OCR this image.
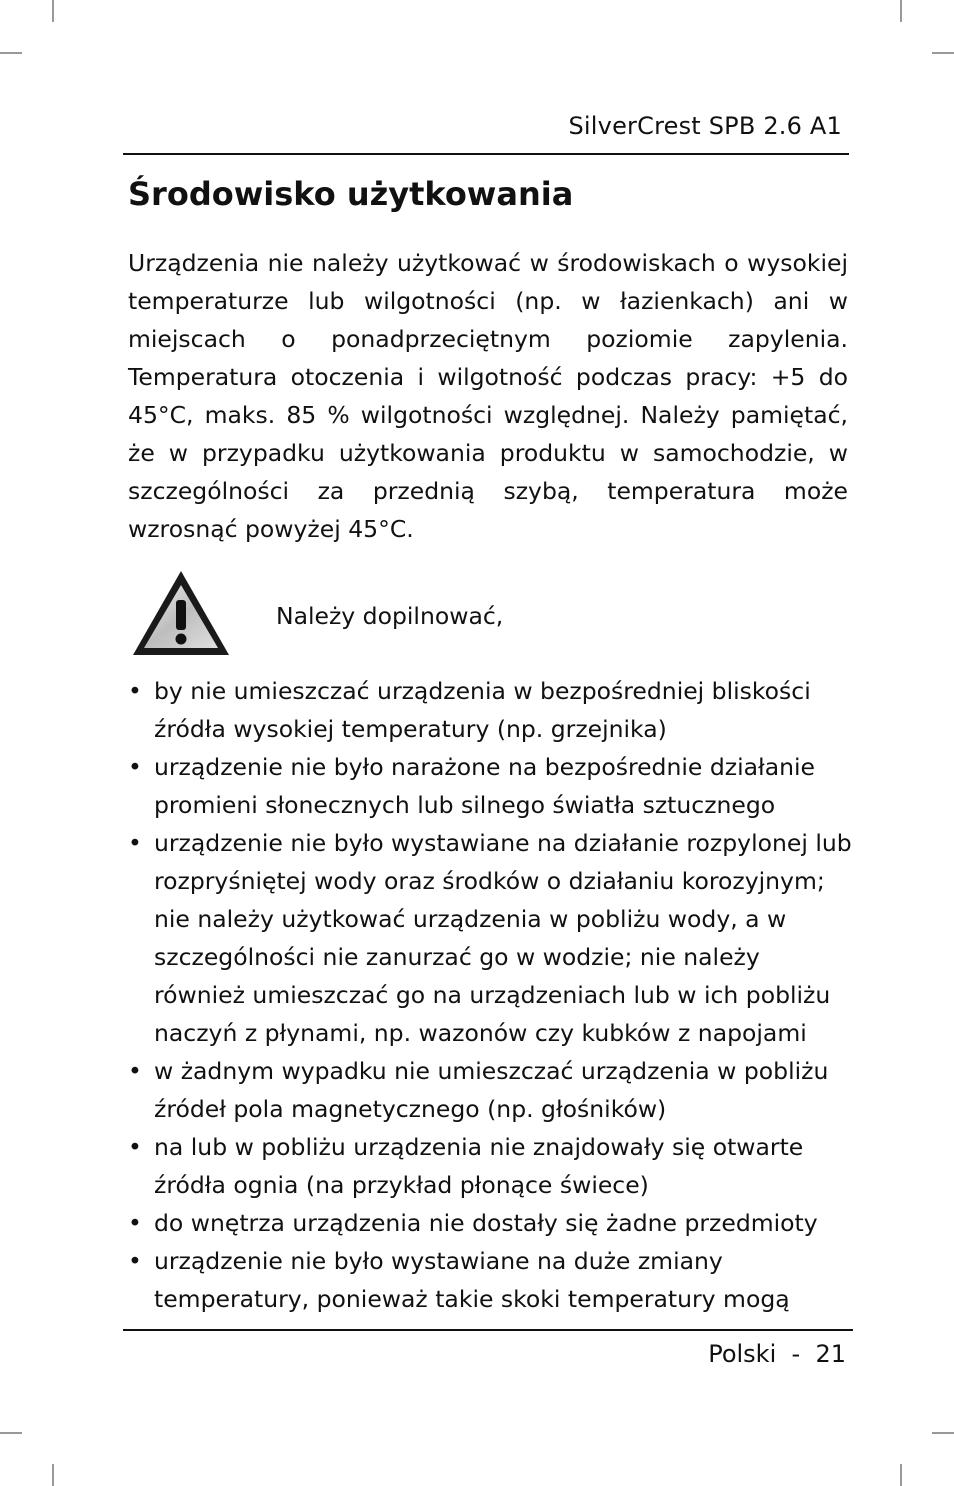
SilverCrest SPB 2.6 A1
Środowisko użytkowania

Urządzenia nie należy użytkować w środowiskach o wysokiej temperaturze lub wilgotności (np. w łazienkach) ani w miejscach o ponadprzeciętnym poziomie zapylenia. Temperatura otoczenia i wilgotność podczas pracy: +5 do 45°C, maks. 85 % wilgotności względnej. Należy pamiętać, że w przypadku użytkowania produktu w samochodzie, w szczególności za przednią szybą, temperatura może wzrosnąć powyżej 45°C.

Należy dopilnować,
• by nie umieszczać urządzenia w bezpośredniej bliskości źródła wysokiej temperatury (np. grzejnika)
• urządzenie nie było narażone na bezpośrednie działanie promieni słonecznych lub silnego światła sztucznego
• urządzenie nie było wystawiane na działanie rozpylonej lub rozpryśniętej wody oraz środków o działaniu korozyjnym; nie należy użytkować urządzenia w pobliżu wody, a w szczególności nie zanurzać go w wodzie; nie należy również umieszczać go na urządzeniach lub w ich pobliżu naczyń z płynami, np. wazonów czy kubków z napojami
• w żadnym wypadku nie umieszczać urządzenia w pobliżu źródeł pola magnetycznego (np. głośników)
• na lub w pobliżu urządzenia nie znajdowały się otwarte źródła ognia (na przykład płonące świece)
• do wnętrza urządzenia nie dostały się żadne przedmioty
• urządzenie nie było wystawiane na duże zmiany temperatury, ponieważ takie skoki temperatury mogą
Polski - 21
